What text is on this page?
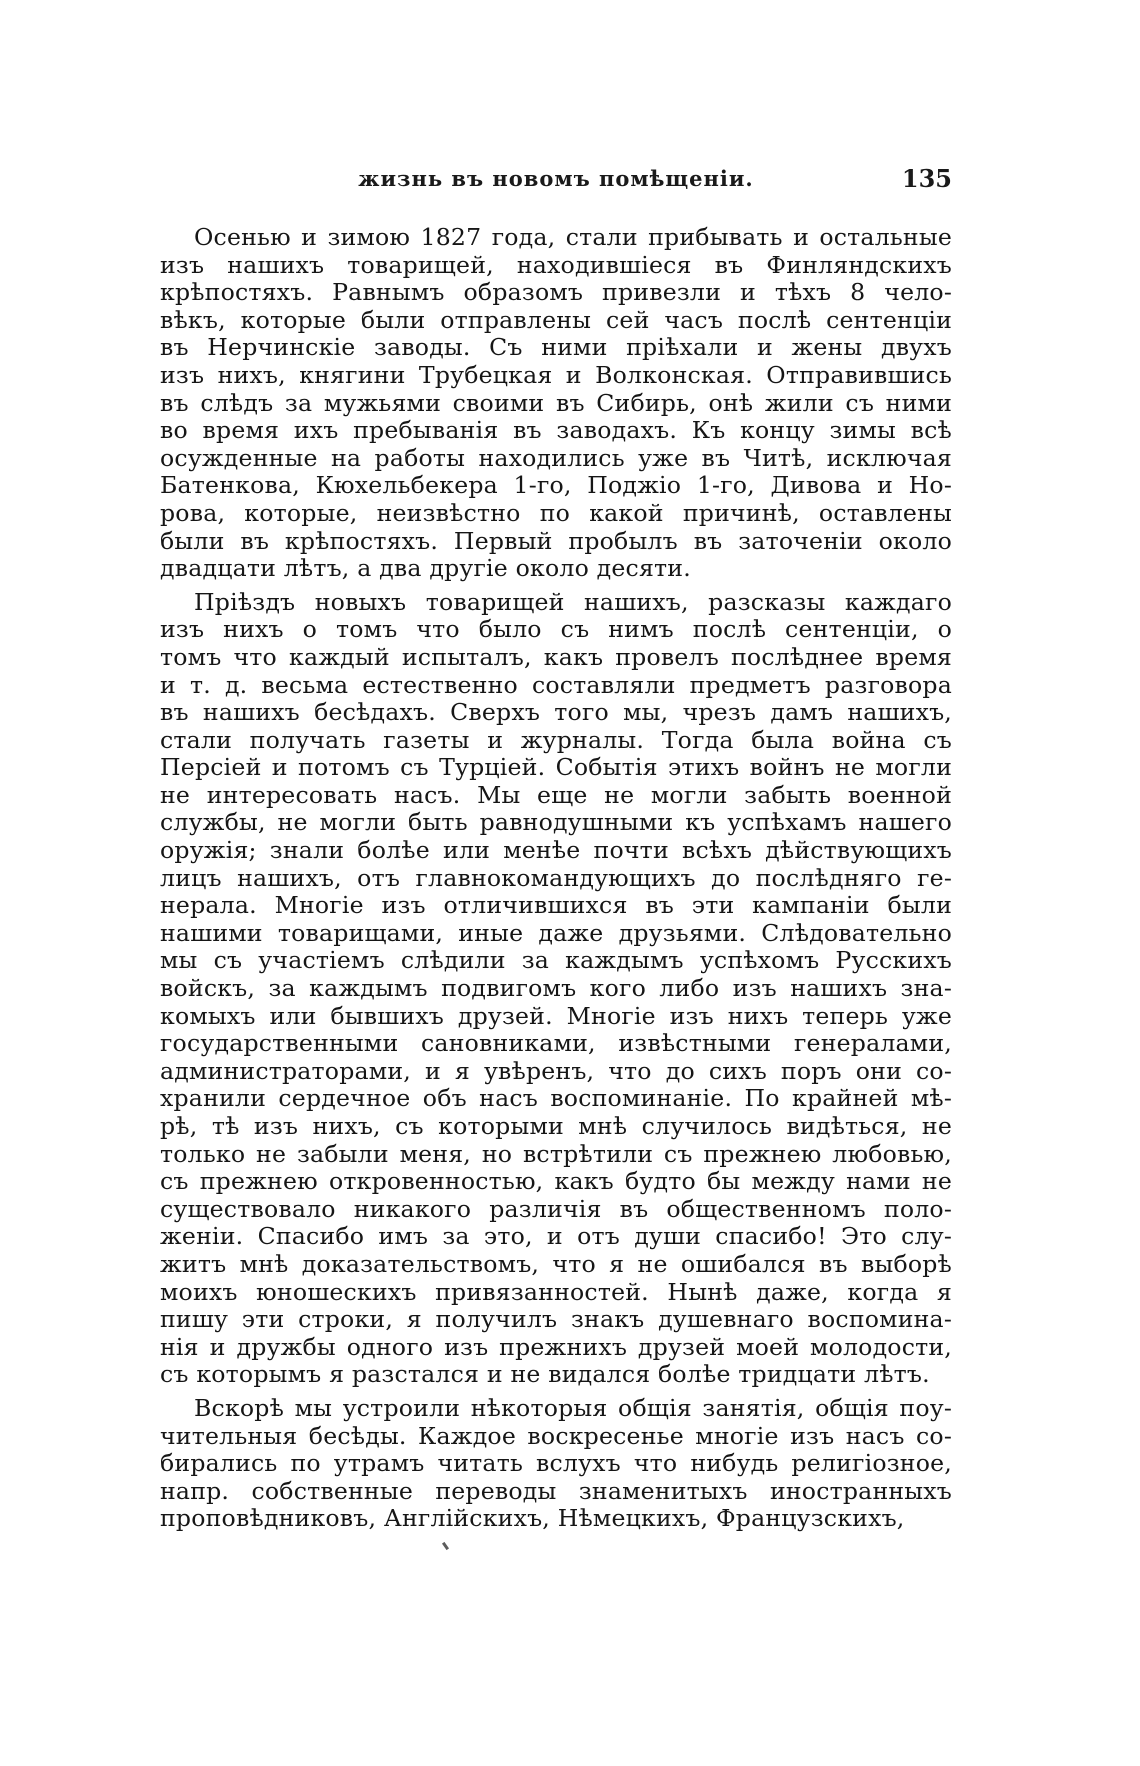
жизнь въ новомъ помѣщеніи.	135
Осенью и зимою 1827 года, стали прибывать и остальные
изъ нашихъ товарищей, находившіеся въ Финляндскихъ
крѣпостяхъ. Равнымъ образомъ привезли и тѣхъ 8 чело-
вѣкъ, которые были отправлены сей часъ послѣ сентенціи
въ Нерчинскіе заводы. Съ ними пріѣхали и жены двухъ
изъ нихъ, княгини Трубецкая и Волконская. Отправившись
въ слѣдъ за мужьями своими въ Сибирь, онѣ жили съ ними
во время ихъ пребыванія въ заводахъ. Къ концу зимы всѣ
осужденные на работы находились уже въ Читѣ, исключая
Батенкова, Кюхельбекера 1-го, Поджіо 1-го, Дивова и Но-
рова, которые, неизвѣстно по какой причинѣ, оставлены
были въ крѣпостяхъ. Первый пробылъ въ заточеніи около
двадцати лѣтъ, а два другіе около десяти.
Пріѣздъ новыхъ товарищей нашихъ, разсказы каждаго
изъ нихъ о томъ что было съ нимъ послѣ сентенціи, о
томъ что каждый испыталъ, какъ провелъ послѣднее время
и т. д. весьма естественно составляли предметъ разговора
въ нашихъ бесѣдахъ. Сверхъ того мы, чрезъ дамъ нашихъ,
стали получать газеты и журналы. Тогда была война съ
Персіей и потомъ съ Турціей. Событія этихъ войнъ не могли
не интересовать насъ. Мы еще не могли забыть военной
службы, не могли быть равнодушными къ успѣхамъ нашего
оружія; знали болѣе или менѣе почти всѣхъ дѣйствующихъ
лицъ нашихъ, отъ главнокомандующихъ до послѣдняго ге-
нерала. Многіе изъ отличившихся въ эти кампаніи были
нашими товарищами, иные даже друзьями. Слѣдовательно
мы съ участіемъ слѣдили за каждымъ успѣхомъ Русскихъ
войскъ, за каждымъ подвигомъ кого либо изъ нашихъ зна-
комыхъ или бывшихъ друзей. Многіе изъ нихъ теперь уже
государственными сановниками, извѣстными генералами,
администраторами, и я увѣренъ, что до сихъ поръ они со-
хранили сердечное объ насъ воспоминаніе. По крайней мѣ-
рѣ, тѣ изъ нихъ, съ которыми мнѣ случилось видѣться, не
только не забыли меня, но встрѣтили съ прежнею любовью,
съ прежнею откровенностью, какъ будто бы между нами не
существовало никакого различія въ общественномъ поло-
женіи. Спасибо имъ за это, и отъ души спасибо! Это слу-
житъ мнѣ доказательствомъ, что я не ошибался въ выборѣ
моихъ юношескихъ привязанностей. Нынѣ даже, когда я
пишу эти строки, я получилъ знакъ душевнаго воспомина-
нія и дружбы одного изъ прежнихъ друзей моей молодости,
съ которымъ я разстался и не видался болѣе тридцати лѣтъ.
Вскорѣ мы устроили нѣкоторыя общія занятія, общія поу-
чительныя бесѣды. Каждое воскресенье многіе изъ насъ со-
бирались по утрамъ читать вслухъ что нибудь религіозное,
напр. собственные переводы знаменитыхъ иностранныхъ
проповѣдниковъ, Англійскихъ, Нѣмецкихъ, Французскихъ,
